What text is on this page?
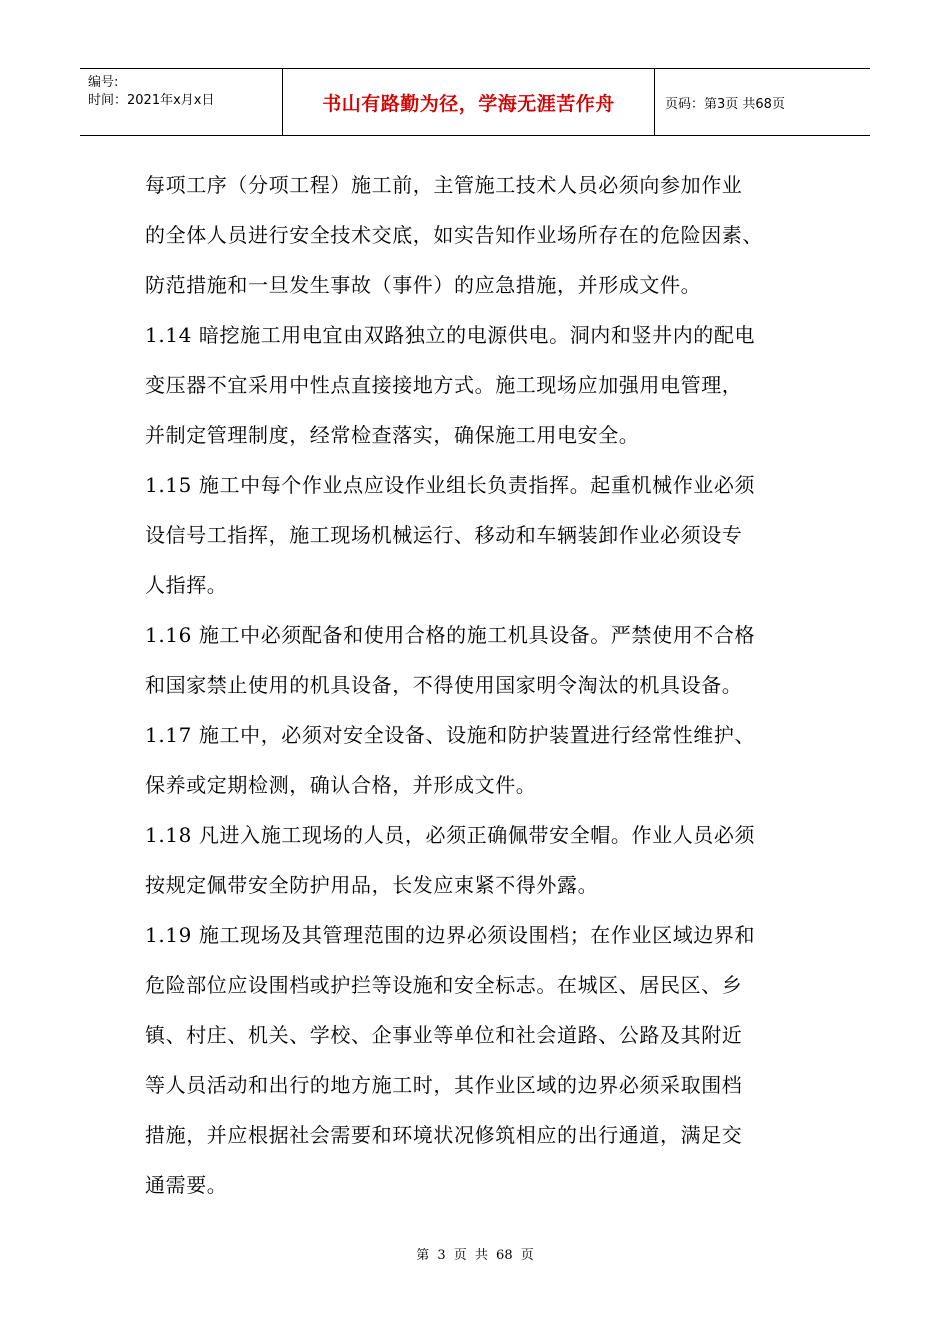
编号:
时间：2021年x月x日	书山有路勤为径，学海无涯苦作舟	页码：第3页 共68页
每项工序（分项工程）施工前，主管施工技术人员必须向参加作业
的全体人员进行安全技术交底，如实告知作业场所存在的危险因素、
防范措施和一旦发生事故（事件）的应急措施，并形成文件。
1.14 暗挖施工用电宜由双路独立的电源供电。洞内和竖井内的配电
变压器不宜采用中性点直接接地方式。施工现场应加强用电管理，
并制定管理制度，经常检查落实，确保施工用电安全。
1.15 施工中每个作业点应设作业组长负责指挥。起重机械作业必须
设信号工指挥，施工现场机械运行、移动和车辆装卸作业必须设专
人指挥。
1.16 施工中必须配备和使用合格的施工机具设备。严禁使用不合格
和国家禁止使用的机具设备，不得使用国家明令淘汰的机具设备。
1.17 施工中，必须对安全设备、设施和防护装置进行经常性维护、
保养或定期检测，确认合格，并形成文件。
1.18 凡进入施工现场的人员，必须正确佩带安全帽。作业人员必须
按规定佩带安全防护用品，长发应束紧不得外露。
1.19 施工现场及其管理范围的边界必须设围档；在作业区域边界和
危险部位应设围档或护拦等设施和安全标志。在城区、居民区、乡
镇、村庄、机关、学校、企事业等单位和社会道路、公路及其附近
等人员活动和出行的地方施工时，其作业区域的边界必须采取围档
措施，并应根据社会需要和环境状况修筑相应的出行通道，满足交
通需要。
第 3 页 共 68 页
